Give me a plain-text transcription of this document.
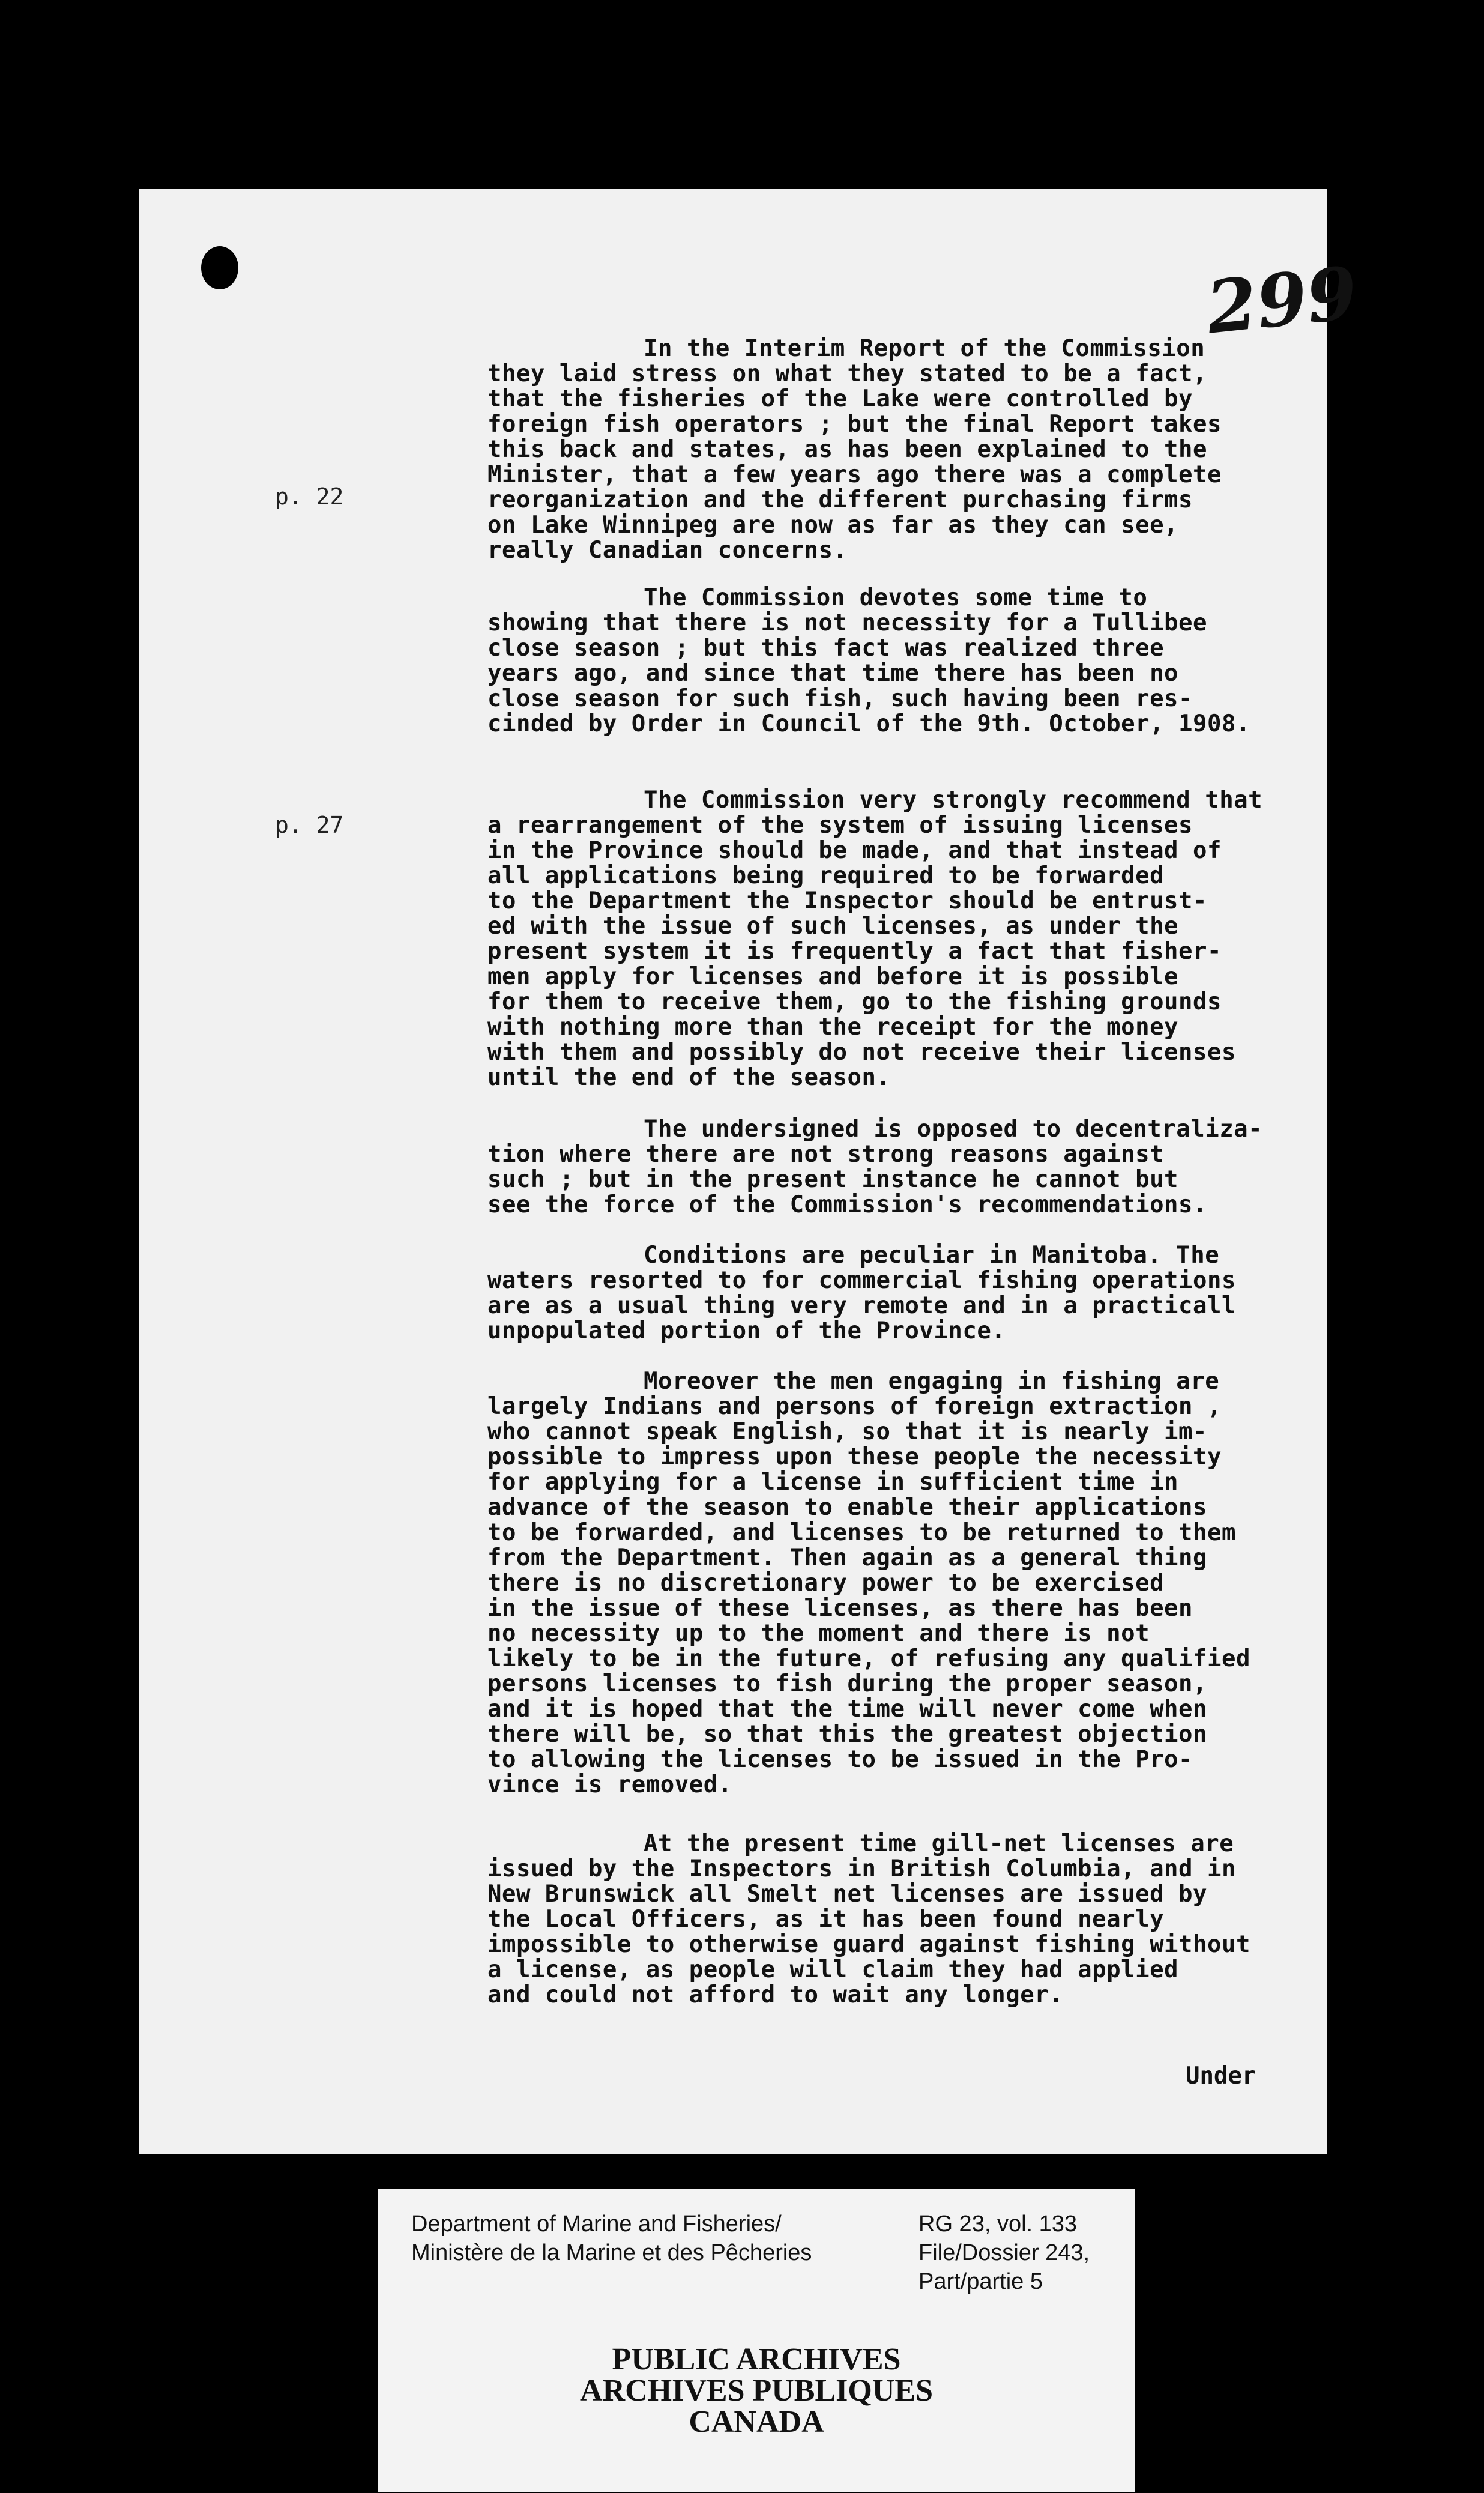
299
p. 22
p. 27
In the Interim Report of the Commission
they laid stress on what they stated to be a fact,
that the fisheries of the Lake were controlled by
foreign fish operators ; but the final Report takes
this back and states, as has been explained to the
Minister, that a few years ago there was a complete
reorganization and the different purchasing firms
on Lake Winnipeg are now as far as they can see,
really Canadian concerns.
The Commission devotes some time to
showing that there is not necessity for a Tullibee
close season ; but this fact was realized three
years ago, and since that time there has been no
close season for such fish, such having been res-
cinded by Order in Council of the 9th. October, 1908.
The Commission very strongly recommend that
a rearrangement of the system of issuing licenses
in the Province should be made, and that instead of
all applications being required to be forwarded
to the Department the Inspector should be entrust-
ed with the issue of such licenses, as under the
present system it is frequently a fact that fisher-
men apply for licenses and before it is possible
for them to receive them, go to the fishing grounds
with nothing more than the receipt for the money
with them and possibly do not receive their licenses
until the end of the season.
The undersigned is opposed to decentraliza-
tion where there are not strong reasons against
such ; but in the present instance he cannot but
see the force of the Commission's recommendations.
Conditions are peculiar in Manitoba. The
waters resorted to for commercial fishing operations
are as a usual thing very remote and in a practicall
unpopulated portion of the Province.
Moreover the men engaging in fishing are
largely Indians and persons of foreign extraction ,
who cannot speak English, so that it is nearly im-
possible to impress upon these people the necessity
for applying for a license in sufficient time in
advance of the season to enable their applications
to be forwarded, and licenses to be returned to them
from the Department. Then again as a general thing
there is no discretionary power to be exercised
in the issue of these licenses, as there has been
no necessity up to the moment and there is not
likely to be in the future, of refusing any qualified
persons licenses to fish during the proper season,
and it is hoped that the time will never come when
there will be, so that this the greatest objection
to allowing the licenses to be issued in the Pro-
vince is removed.
At the present time gill-net licenses are
issued by the Inspectors in British Columbia, and in
New Brunswick all Smelt net licenses are issued by
the Local Officers, as it has been found nearly
impossible to otherwise guard against fishing without
a license, as people will claim they had applied
and could not afford to wait any longer.
Under
Department of Marine and Fisheries/
Ministère de la Marine et des Pêcheries
RG 23, vol. 133
File/Dossier 243,
Part/partie 5
PUBLIC ARCHIVES
ARCHIVES PUBLIQUES
CANADA
